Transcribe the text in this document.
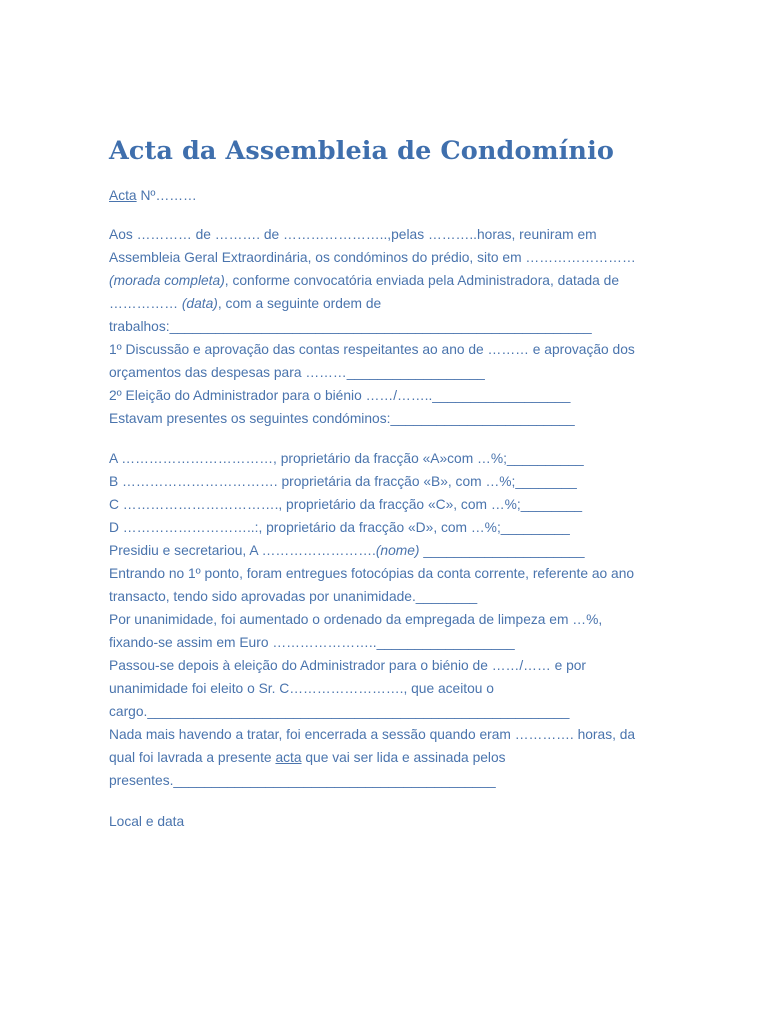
Acta da Assembleia de Condomínio

Acta Nº………

Aos ………… de ………. de …………………..,pelas ………..horas, reuniram em

Assembleia Geral Extraordinária, os condóminos do prédio, sito em ……………………

(morada completa), conforme convocatória enviada pela Administradora, datada de

…………… (data), com a seguinte ordem de

trabalhos:_______________________________________________________

1º Discussão e aprovação das contas respeitantes ao ano de ……… e aprovação dos

orçamentos das despesas para ………__________________

2º Eleição do Administrador para o biénio ……/……..__________________

Estavam presentes os seguintes condóminos:________________________

A ……………………………, proprietário da fracção «A»com …%;__________

B ……………………………. proprietária da fracção «B», com …%;________

C ……………………………., proprietário da fracção «C», com …%;________

D ………………………..:, proprietário da fracção «D», com …%;_________

Presidiu e secretariou, A …………………….(nome) _____________________

Entrando no 1º ponto, foram entregues fotocópias da conta corrente, referente ao ano

transacto, tendo sido aprovadas por unanimidade.________

Por unanimidade, foi aumentado o ordenado da empregada de limpeza em …%,

fixando-se assim em Euro …………………..__________________

Passou-se depois à eleição do Administrador para o biénio de ……/…… e por

unanimidade foi eleito o Sr. C……………………., que aceitou o

cargo._______________________________________________________

Nada mais havendo a tratar, foi encerrada a sessão quando eram …………. horas, da

qual foi lavrada a presente acta que vai ser lida e assinada pelos

presentes.__________________________________________

Local e data
